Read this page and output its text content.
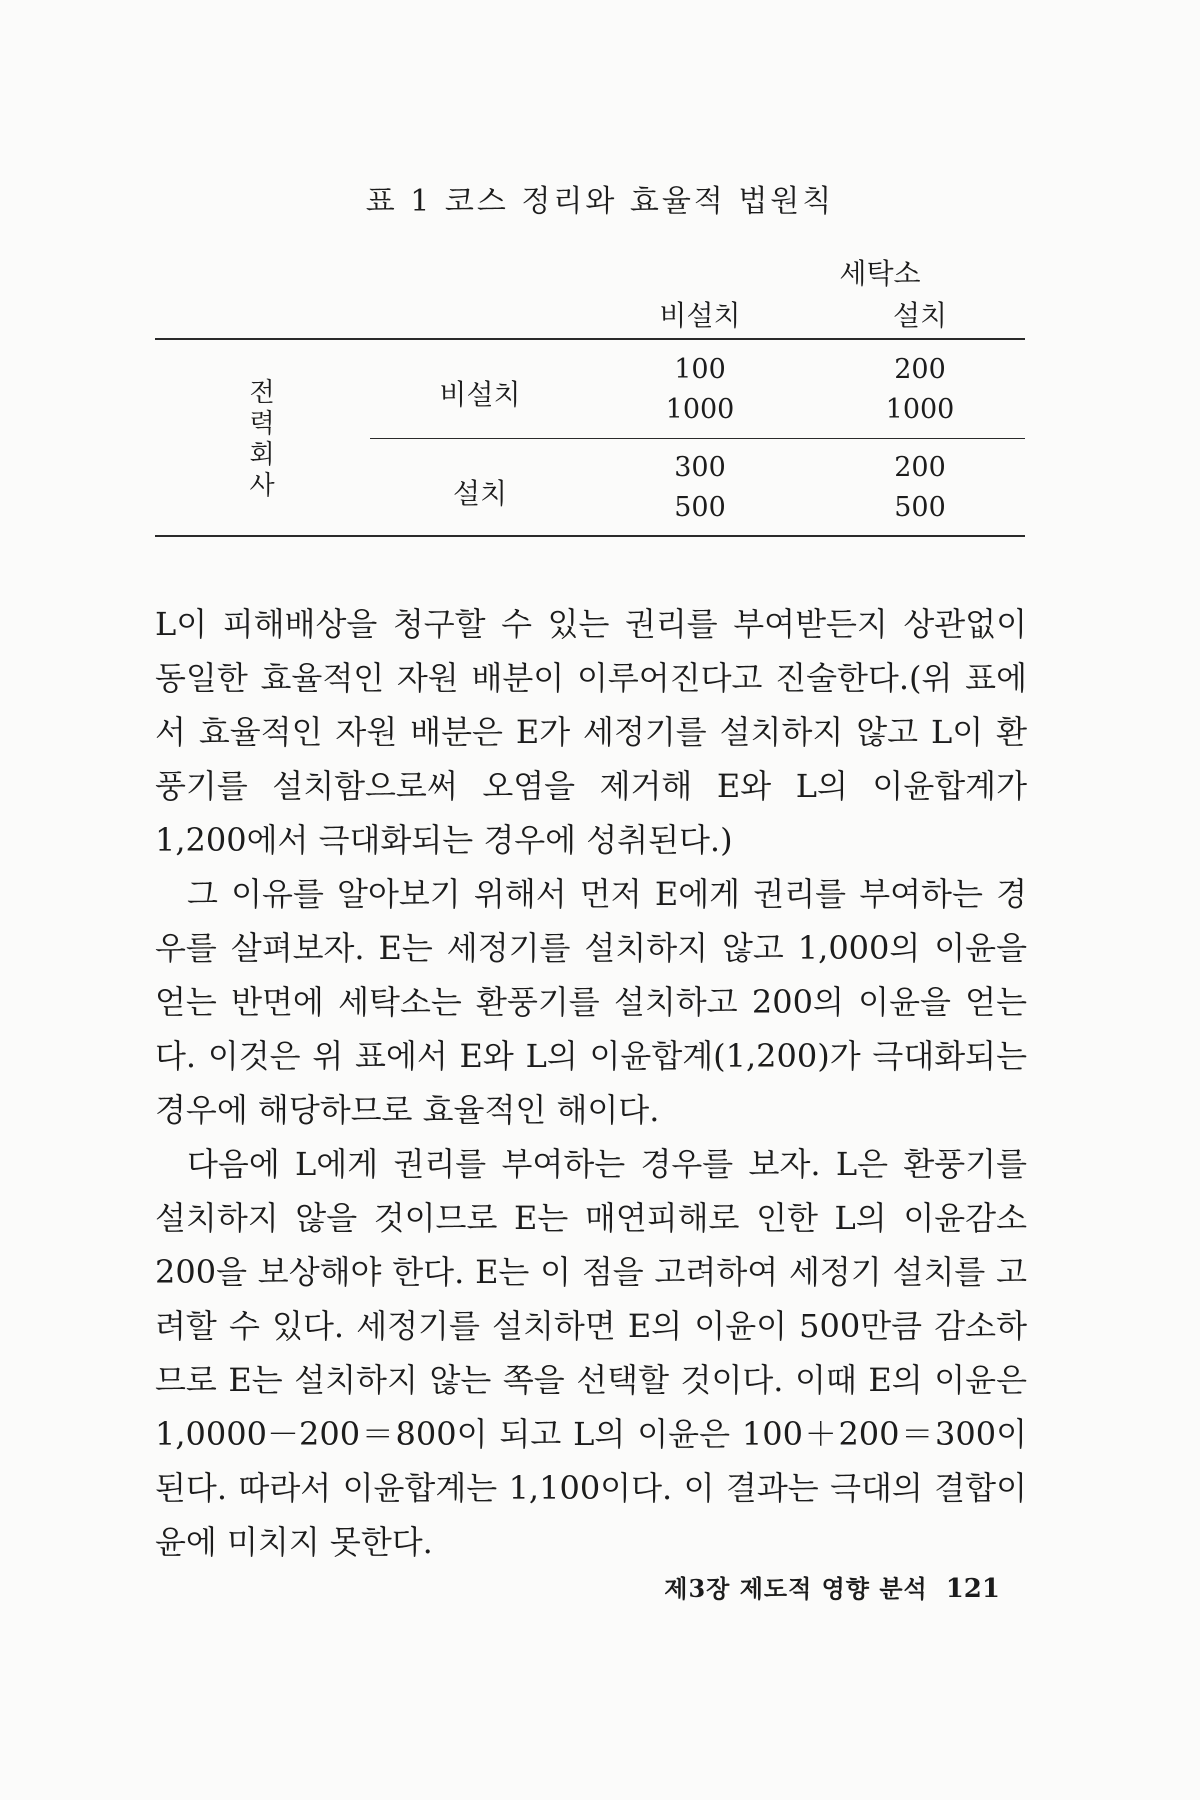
표 1 코스 정리와 효율적 법원칙
세탁소
비설치	설치
전
력
회
사
비설치
설치
100
1000
200
1000
300
500
200
500

L이 피해배상을 청구할 수 있는 권리를 부여받든지 상관없이 동일한 효율적인 자원 배분이 이루어진다고 진술한다.(위 표에서 효율적인 자원 배분은 E가 세정기를 설치하지 않고 L이 환풍기를 설치함으로써 오염을 제거해 E와 L의 이윤합계가 1,200에서 극대화되는 경우에 성취된다.)

그 이유를 알아보기 위해서 먼저 E에게 권리를 부여하는 경우를 살펴보자. E는 세정기를 설치하지 않고 1,000의 이윤을 얻는 반면에 세탁소는 환풍기를 설치하고 200의 이윤을 얻는다. 이것은 위 표에서 E와 L의 이윤합계(1,200)가 극대화되는 경우에 해당하므로 효율적인 해이다.

다음에 L에게 권리를 부여하는 경우를 보자. L은 환풍기를 설치하지 않을 것이므로 E는 매연피해로 인한 L의 이윤감소 200을 보상해야 한다. E는 이 점을 고려하여 세정기 설치를 고려할 수 있다. 세정기를 설치하면 E의 이윤이 500만큼 감소하므로 E는 설치하지 않는 쪽을 선택할 것이다. 이때 E의 이윤은 1,0000－200＝800이 되고 L의 이윤은 100＋200＝300이 된다. 따라서 이윤합계는 1,100이다. 이 결과는 극대의 결합이윤에 미치지 못한다.

제3장 제도적 영향 분석 121
